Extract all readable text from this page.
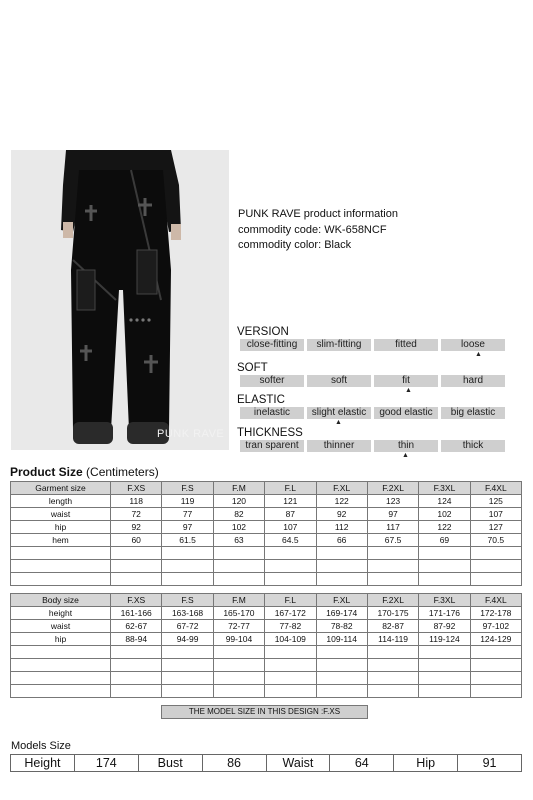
PUNK RAVE
PUNK RAVE product information
commodity code: WK-658NCF
commodity color: Black
VERSION
close-fitting	slim-fitting	fitted	loose
▲
SOFT
softer	soft	fit	hard
▲
ELASTIC
inelastic	slight elastic	good elastic	big elastic
▲
THICKNESS
tran sparent	thinner	thin	thick
▲
Product Size (Centimeters)
Garment size	F.XS	F.S	F.M	F.L	F.XL	F.2XL	F.3XL	F.4XL
length	118	119	120	121	122	123	124	125
waist	72	77	82	87	92	97	102	107
hip	92	97	102	107	112	117	122	127
hem	60	61.5	63	64.5	66	67.5	69	70.5

Body size	F.XS	F.S	F.M	F.L	F.XL	F.2XL	F.3XL	F.4XL
height	161-166	163-168	165-170	167-172	169-174	170-175	171-176	172-178
waist	62-67	67-72	72-77	77-82	78-82	82-87	87-92	97-102
hip	88-94	94-99	99-104	104-109	109-114	114-119	119-124	124-129

THE MODEL SIZE IN THIS DESIGN :F.XS
Models Size
Height	174	Bust	86	Waist	64	Hip	91
